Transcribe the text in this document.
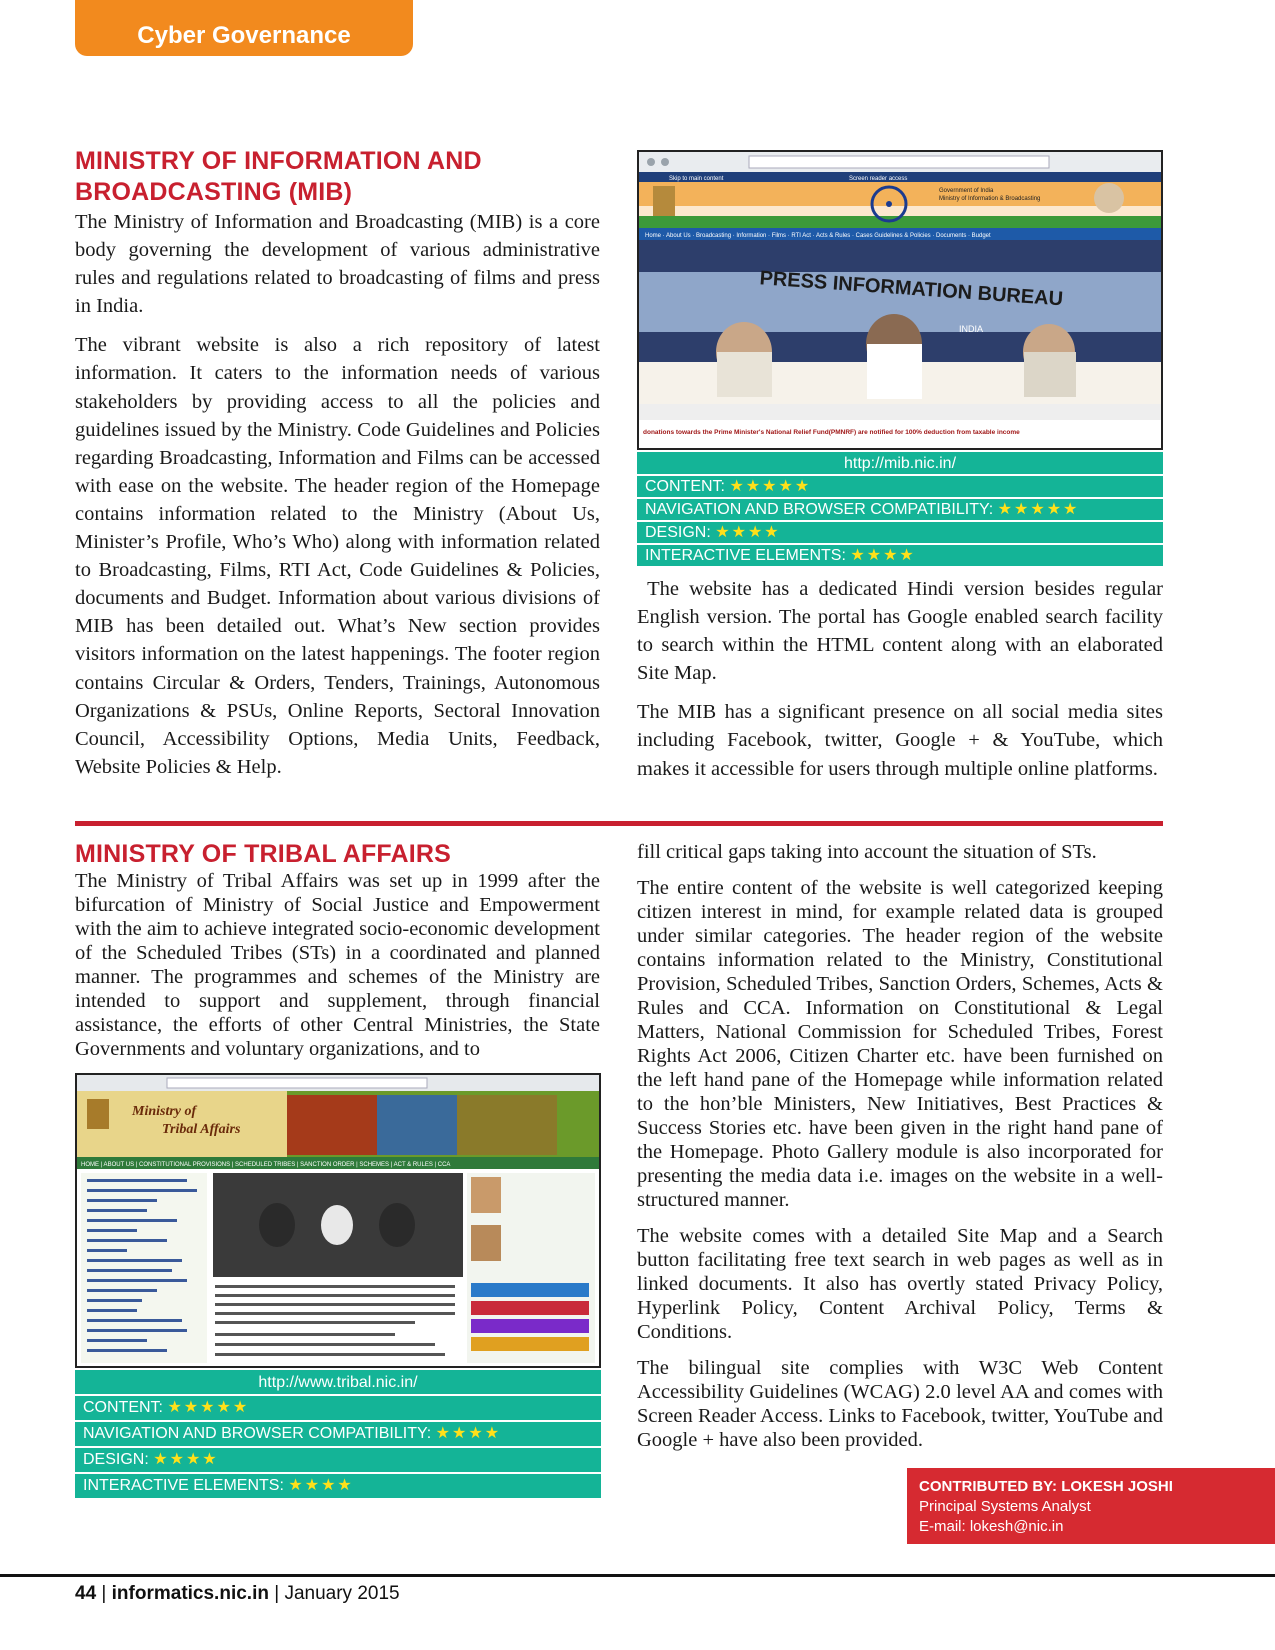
Cyber Governance
MINISTRY OF INFORMATION AND
BROADCASTING (MIB)

The Ministry of Information and Broadcasting (MIB) is a core body governing the development of various administrative rules and regulations related to broadcasting of films and press in India.

The vibrant website is also a rich repository of latest information. It caters to the information needs of various stakeholders by providing access to all the policies and guidelines issued by the Ministry. Code Guidelines and Policies regarding Broadcasting, Information and Films can be accessed with ease on the website. The header region of the Homepage contains information related to the Ministry (About Us, Minister’s Profile, Who’s Who) along with information related to Broadcasting, Films, RTI Act, Code Guidelines & Policies, documents and Budget. Information about various divisions of MIB has been detailed out. What’s New section provides visitors information on the latest happenings. The footer region contains Circular & Orders, Tenders, Trainings, Autonomous Organizations & PSUs, Online Reports, Sectoral Innovation Council, Accessibility Options, Media Units, Feedback, Website Policies & Help.

Skip to main content	Screen reader access
Government of India
Ministry of Information & Broadcasting
Home · About Us · Broadcasting · Information · Films · RTI Act · Acts & Rules · Cases Guidelines & Policies · Documents · Budget
PRESS INFORMATION BUREAU
INDIA
donations towards the Prime Minister's National Relief Fund(PMNRF) are notified for 100% deduction from taxable income
http://mib.nic.in/
CONTENT: ★★★★★
NAVIGATION AND BROWSER COMPATIBILITY: ★★★★★
DESIGN: ★★★★
INTERACTIVE ELEMENTS: ★★★★

The website has a dedicated Hindi version besides regular English version. The portal has Google enabled search facility to search within the HTML content along with an elaborated Site Map.

The MIB has a significant presence on all social media sites including Facebook, twitter, Google + & YouTube, which makes it accessible for users through multiple online platforms.

MINISTRY OF TRIBAL AFFAIRS

The Ministry of Tribal Affairs was set up in 1999 after the bifurcation of Ministry of Social Justice and Empowerment with the aim to achieve integrated socio-economic development of the Scheduled Tribes (STs) in a coordinated and planned manner. The programmes and schemes of the Ministry are intended to support and supplement, through financial assistance, the efforts of other Central Ministries, the State Governments and voluntary organizations, and to

Ministry of
Tribal Affairs
HOME | ABOUT US | CONSTITUTIONAL PROVISIONS | SCHEDULED TRIBES | SANCTION ORDER | SCHEMES | ACT & RULES | CCA
http://www.tribal.nic.in/
CONTENT: ★★★★★
NAVIGATION AND BROWSER COMPATIBILITY: ★★★★
DESIGN: ★★★★
INTERACTIVE ELEMENTS: ★★★★

fill critical gaps taking into account the situation of STs.

The entire content of the website is well categorized keeping citizen interest in mind, for example related data is grouped under similar categories. The header region of the website contains information related to the Ministry, Constitutional Provision, Scheduled Tribes, Sanction Orders, Schemes, Acts & Rules and CCA. Information on Constitutional & Legal Matters, National Commission for Scheduled Tribes, Forest Rights Act 2006, Citizen Charter etc. have been furnished on the left hand pane of the Homepage while information related to the hon’ble Ministers, New Initiatives, Best Practices & Success Stories etc. have been given in the right hand pane of the Homepage. Photo Gallery module is also incorporated for presenting the media data i.e. images on the website in a well-structured manner.

The website comes with a detailed Site Map and a Search button facilitating free text search in web pages as well as in linked documents. It also has overtly stated Privacy Policy, Hyperlink Policy, Content Archival Policy, Terms & Conditions.

The bilingual site complies with W3C Web Content Accessibility Guidelines (WCAG) 2.0 level AA and comes with Screen Reader Access. Links to Facebook, twitter, YouTube and Google + have also been provided.

CONTRIBUTED BY: LOKESH JOSHI
Principal Systems Analyst
E-mail: lokesh@nic.in
44 | informatics.nic.in | January 2015
